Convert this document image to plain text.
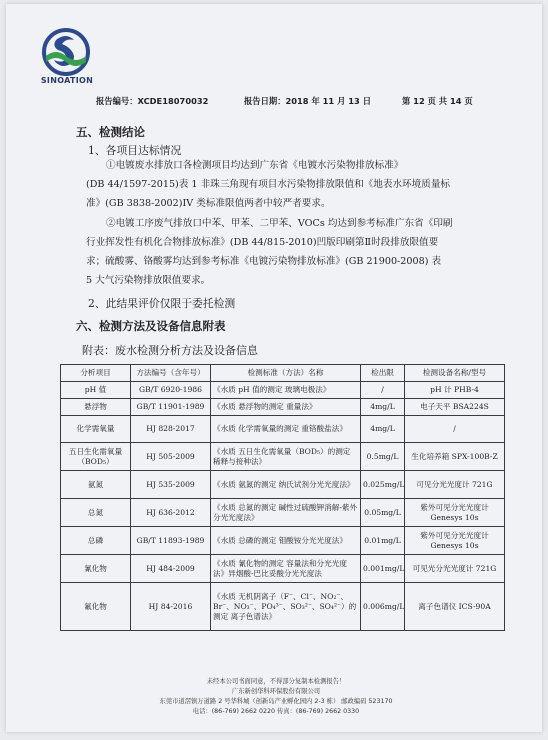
SINOATION
报告编号：XCDE18070032	报告日期：2018 年 11 月 13 日	第 12 页 共 14 页
五、检测结论
1、各项目达标情况
①电镀废水排放口各检测项目均达到广东省《电镀水污染物排放标准》
(DB 44/1597-2015)表 1 非珠三角现有项目水污染物排放限值和《地表水环境质量标
准》(GB 3838-2002)IV 类标准限值两者中较严者要求。
②电镀工序废气排放口中苯、甲苯、二甲苯、VOCs 均达到参考标准广东省《印刷
行业挥发性有机化合物排放标准》(DB 44/815-2010)凹版印刷第Ⅱ时段排放限值要
求；硫酸雾、铬酸雾均达到参考标准《电镀污染物排放标准》(GB 21900-2008) 表
5 大气污染物排放限值要求。
2、此结果评价仅限于委托检测
六、检测方法及设备信息附表
附表：废水检测分析方法及设备信息
分析项目	方法编号（含年号）	检测标准（方法）名称	检出限	检测设备名称/型号
pH 值	GB/T 6920-1986	《水质 pH 值的测定 玻璃电极法》	/	pH 计 PHB-4
悬浮物	GB/T 11901-1989	《水质 悬浮物的测定 重量法》	4mg/L	电子天平 BSA224S
化学需氧量	HJ 828-2017	《水质 化学需氧量的测定 重铬酸盐法》	4mg/L	/
五日生化需氧量（BOD₅）	HJ 505-2009	《水质 五日生化需氧量（BOD₅）的测定 稀释与接种法》	0.5mg/L	生化培养箱 SPX-100B-Z
氨氮	HJ 535-2009	《水质 氨氮的测定 纳氏试剂分光光度法》	0.025mg/L	可见分光光度计 721G
总氮	HJ 636-2012	《水质 总氮的测定 碱性过硫酸钾消解-紫外分光光度法》	0.05mg/L	紫外可见分光光度计 Genesys 10s
总磷	GB/T 11893-1989	《水质 总磷的测定 钼酸铵分光光度法》	0.01mg/L	紫外可见分光光度计 Genesys 10s
氰化物	HJ 484-2009	《水质 氰化物的测定 容量法和分光光度法》异烟酸-巴比妥酸分光光度法	0.001mg/L	可见光分光光度计 721G
氟化物	HJ 84-2016	《水质 无机阴离子（F⁻、Cl⁻、NO₂⁻、Br⁻、NO₃⁻、PO₄³⁻、SO₃²⁻、SO₄²⁻）的测定 离子色谱法》	0.006mg/L	离子色谱仪 ICS-90A
未经本公司书面同意，不得部分复制本检测报告！
广东新创华科环保股份有限公司
东莞市道滘镇万道路 2 号华科城（创新岛产业孵化园内 2-3 栋） 邮政编码 523170
电话：(86-769) 2662 0220 传真：(86-769) 2662 0330
